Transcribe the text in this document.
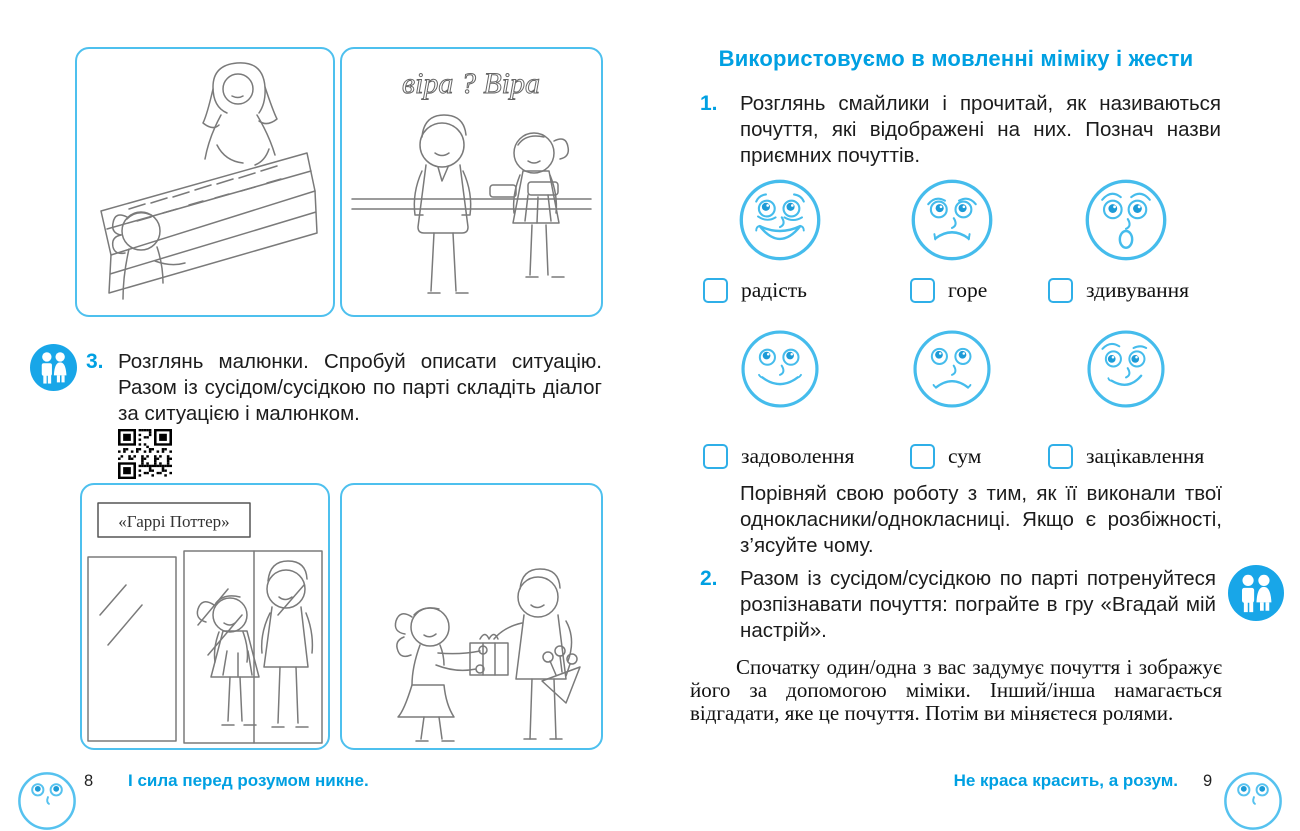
віра ? Віра
3. Розглянь малюнки. Спробуй описати ситуацію. Разом із сусідом/сусідкою по парті складіть діалог за ситуацією і малюнком.
«Гаррі Поттер»
8 І сила перед розумом никне.
Використовуємо в мовленні міміку і жести
1. Розглянь смайлики і прочитай, як називаються почуття, які відображені на них. Познач назви приємних почуттів.
радість	горе	здивування
задоволення	сум	зацікавлення
Порівняй свою роботу з тим, як її виконали твої однокласники/однокласниці. Якщо є розбіжності, з’ясуйте чому.
2. Разом із сусідом/сусідкою по парті потренуйтеся розпізнавати почуття: пограйте в гру «Вгадай мій настрій».
Спочатку один/одна з вас задумує почуття і зображує його за допомогою міміки. Інший/інша намагається відгадати, яке це почуття. Потім ви міняєтеся ролями.
Не краса красить, а розум. 9
